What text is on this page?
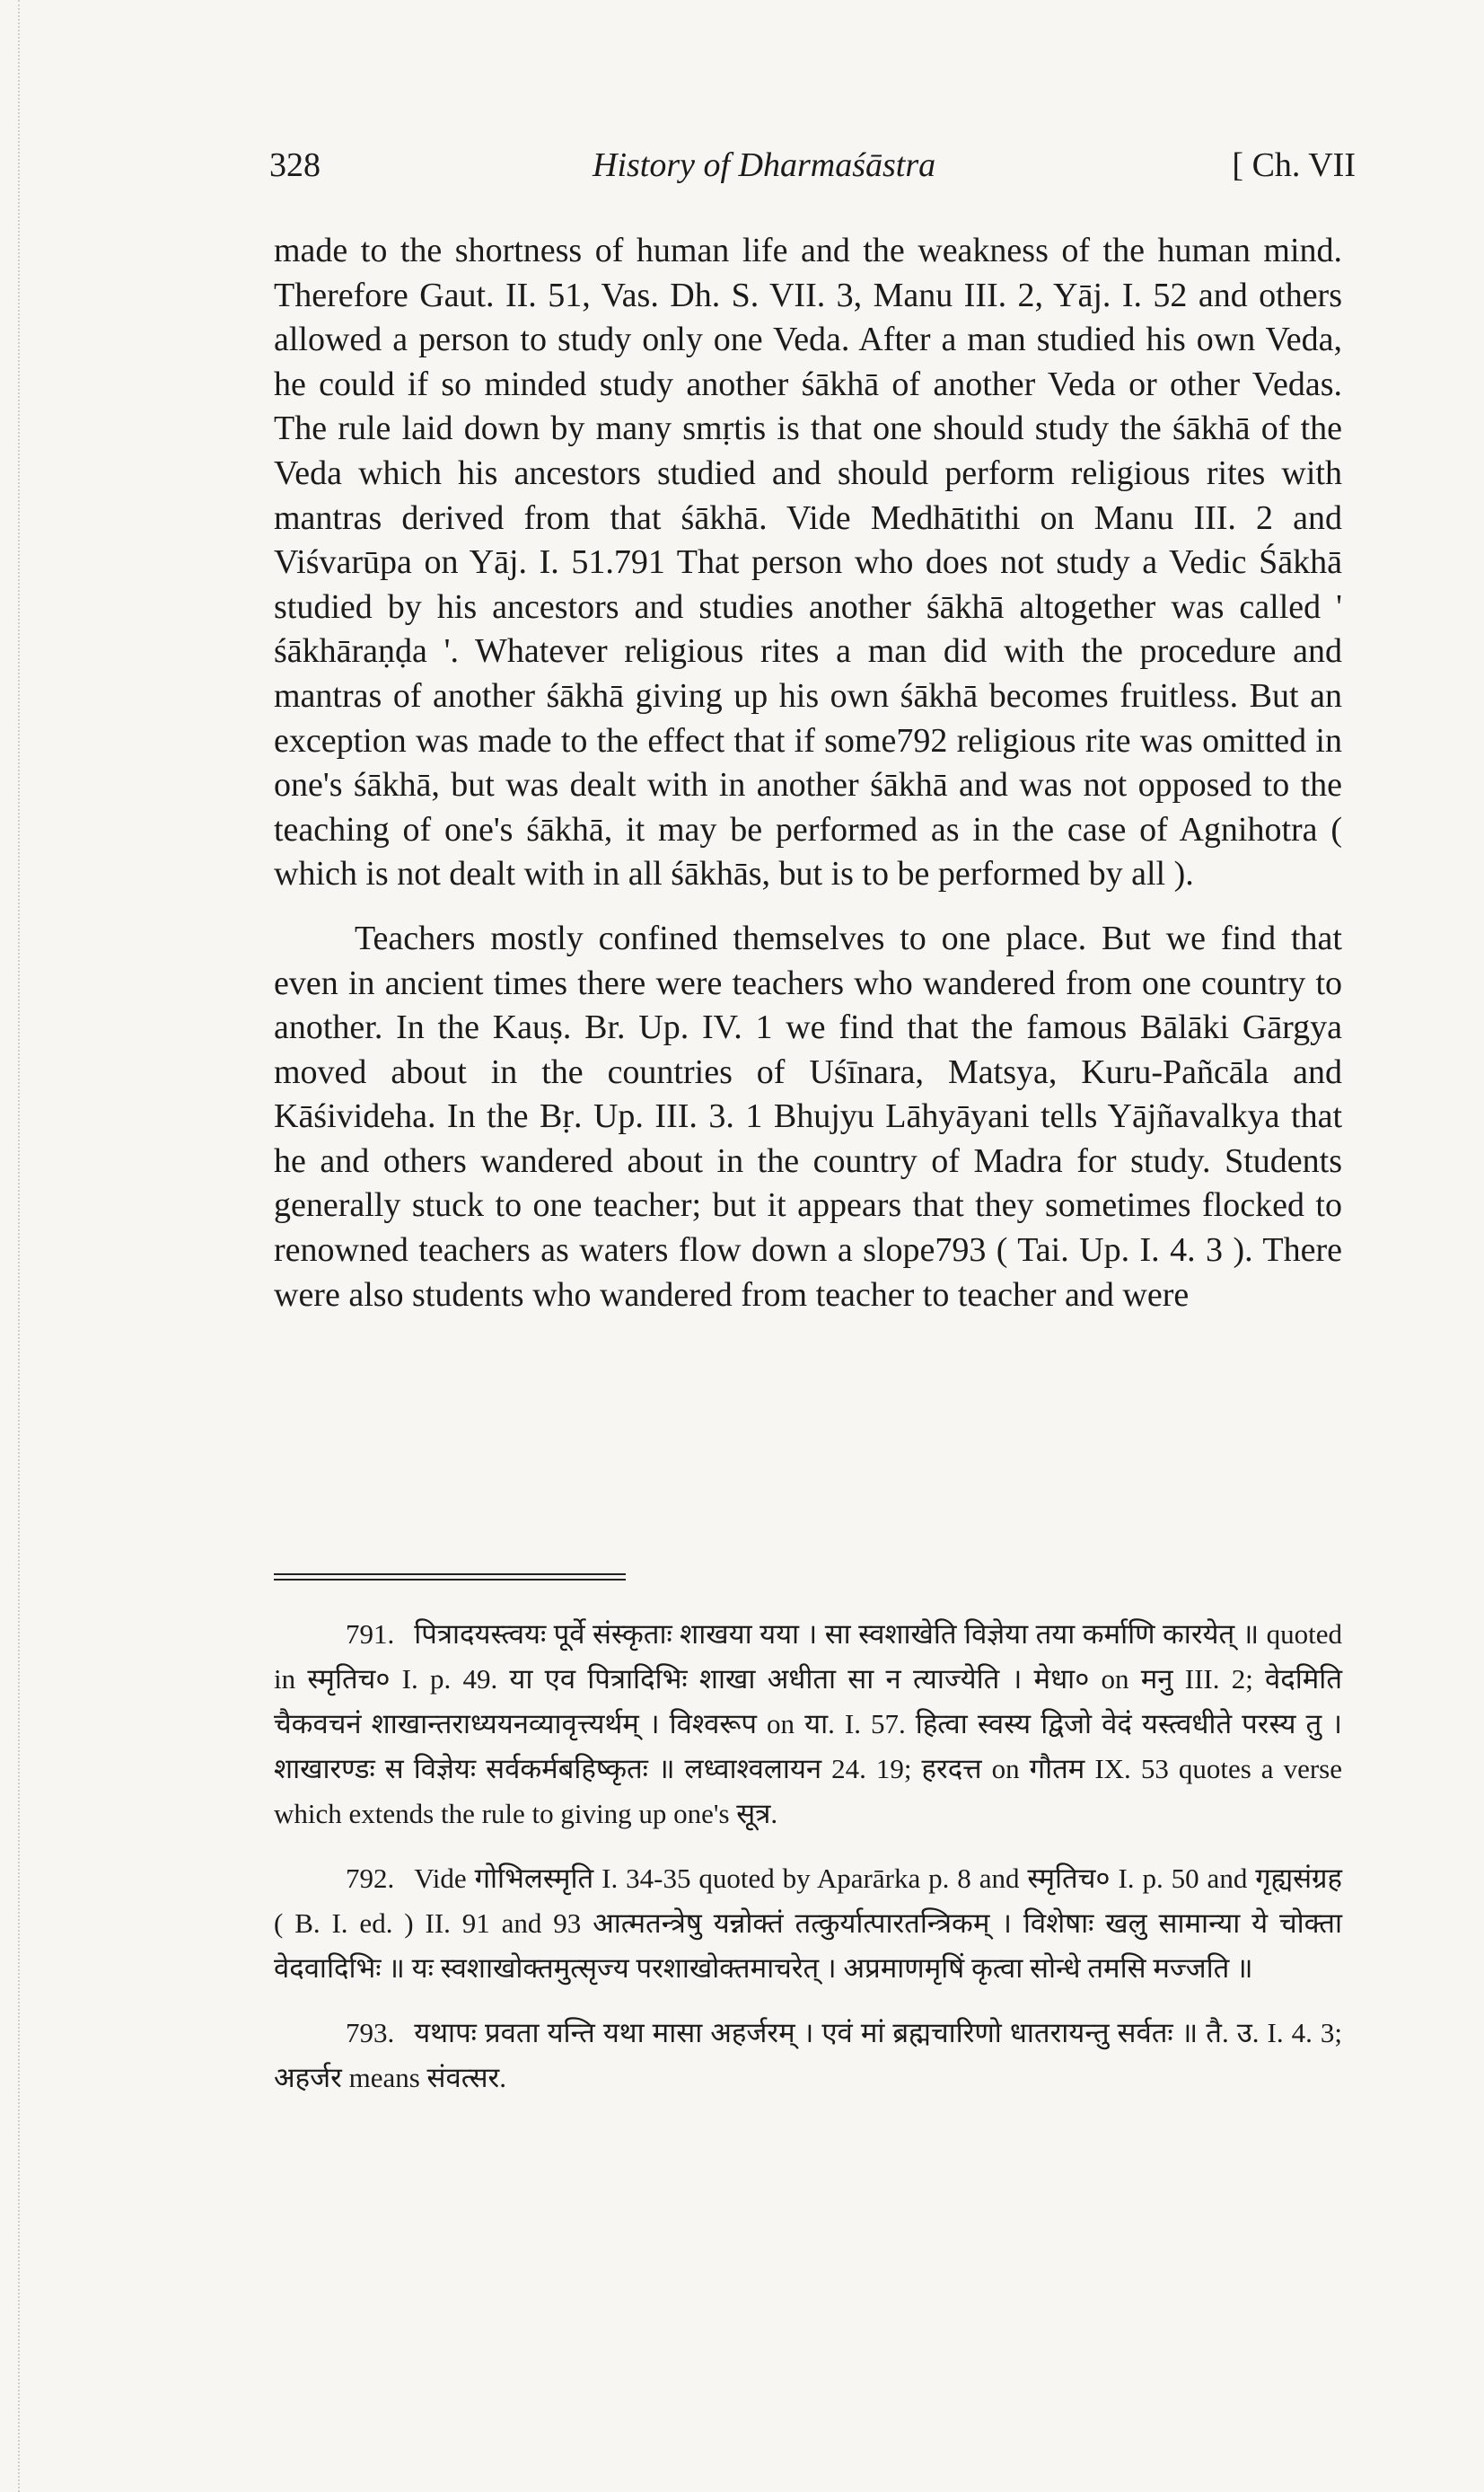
328	History of Dharmaśāstra	[ Ch. VII

made to the shortness of human life and the weakness of the human mind. Therefore Gaut. II. 51, Vas. Dh. S. VII. 3, Manu III. 2, Yāj. I. 52 and others allowed a person to study only one Veda. After a man studied his own Veda, he could if so minded study another śākhā of another Veda or other Vedas. The rule laid down by many smṛtis is that one should study the śākhā of the Veda which his ancestors studied and should perform religious rites with mantras derived from that śākhā. Vide Medhātithi on Manu III. 2 and Viśvarūpa on Yāj. I. 51.791 That person who does not study a Vedic Śākhā studied by his ancestors and studies another śākhā altogether was called ' śākhāraṇḍa '. Whatever religious rites a man did with the procedure and mantras of another śākhā giving up his own śākhā becomes fruitless. But an exception was made to the effect that if some792 religious rite was omitted in one's śākhā, but was dealt with in another śākhā and was not opposed to the teaching of one's śākhā, it may be performed as in the case of Agnihotra ( which is not dealt with in all śākhās, but is to be performed by all ).

Teachers mostly confined themselves to one place. But we find that even in ancient times there were teachers who wandered from one country to another. In the Kauṣ. Br. Up. IV. 1 we find that the famous Bālāki Gārgya moved about in the countries of Uśīnara, Matsya, Kuru-Pañcāla and Kāśivideha. In the Bṛ. Up. III. 3. 1 Bhujyu Lāhyāyani tells Yājñavalkya that he and others wandered about in the country of Madra for study. Students generally stuck to one teacher; but it appears that they sometimes flocked to renowned teachers as waters flow down a slope793 ( Tai. Up. I. 4. 3 ). There were also students who wandered from teacher to teacher and were

791. पित्रादयस्त्वयः पूर्वे संस्कृताः शाखया यया । सा स्वशाखेति विज्ञेया तया कर्माणि कारयेत् ॥ quoted in स्मृतिच० I. p. 49. या एव पित्रादिभिः शाखा अधीता सा न त्याज्येति । मेधा० on मनु III. 2; वेदमिति चैकवचनं शाखान्तराध्ययनव्यावृत्त्यर्थम् । विश्वरूप on या. I. 57. हित्वा स्वस्य द्विजो वेदं यस्त्वधीते परस्य तु । शाखारण्डः स विज्ञेयः सर्वकर्मबहिष्कृतः ॥ लध्वाश्वलायन 24. 19; हरदत्त on गौतम IX. 53 quotes a verse which extends the rule to giving up one's सूत्र.

792. Vide गोभिलस्मृति I. 34-35 quoted by Aparārka p. 8 and स्मृतिच० I. p. 50 and गृह्यसंग्रह ( B. I. ed. ) II. 91 and 93 आत्मतन्त्रेषु यन्नोक्तं तत्कुर्यात्पारतन्त्रिकम् । विशेषाः खलु सामान्या ये चोक्ता वेदवादिभिः ॥ यः स्वशाखोक्तमुत्सृज्य परशाखोक्तमाचरेत् । अप्रमाणमृषिं कृत्वा सोन्धे तमसि मज्जति ॥

793. यथापः प्रवता यन्ति यथा मासा अहर्जरम् । एवं मां ब्रह्मचारिणो धातरायन्तु सर्वतः ॥ तै. उ. I. 4. 3; अहर्जर means संवत्सर.
